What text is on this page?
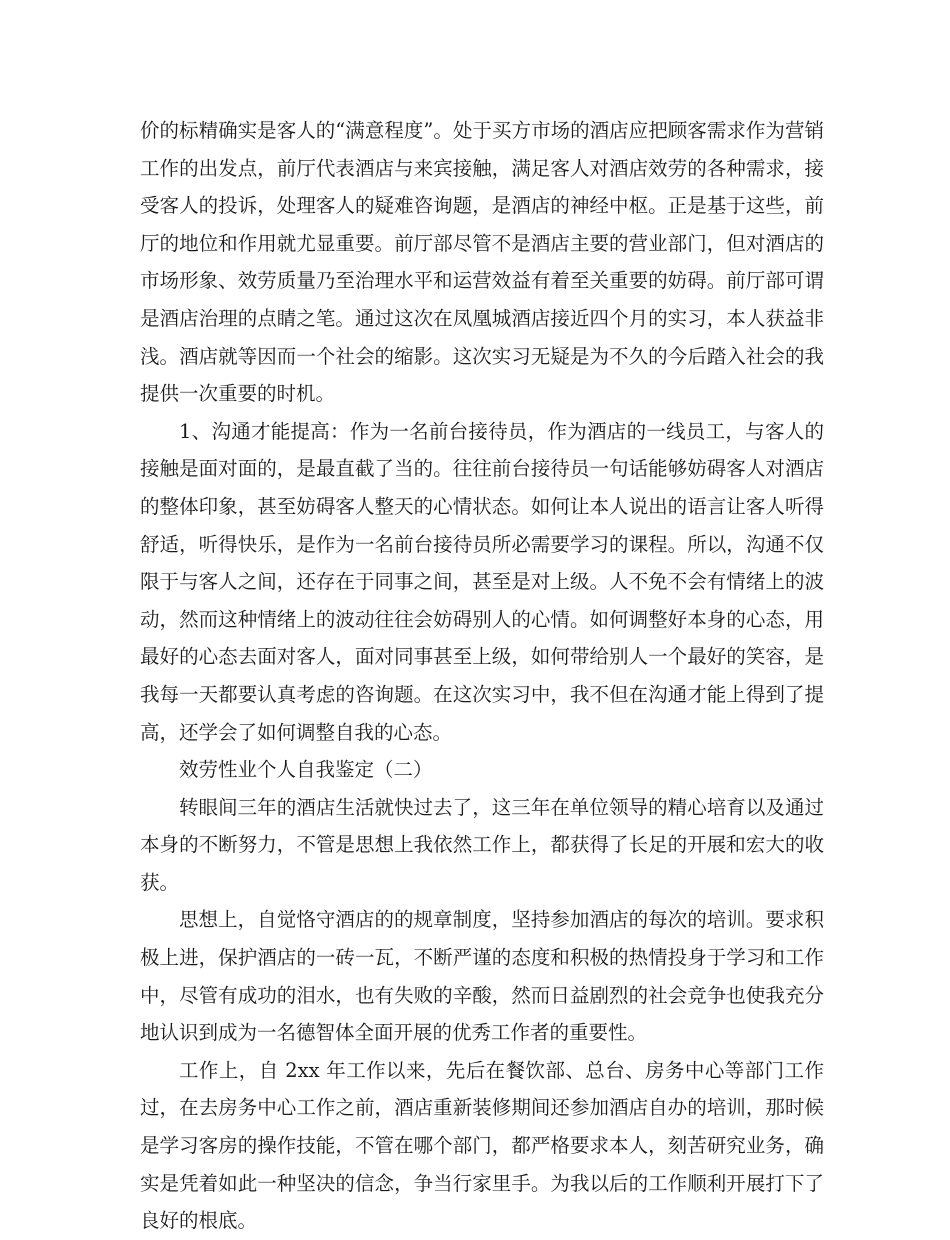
价的标精确实是客人的“满意程度”。处于买方市场的酒店应把顾客需求作为营销工作的出发点，前厅代表酒店与来宾接触，满足客人对酒店效劳的各种需求，接受客人的投诉，处理客人的疑难咨询题，是酒店的神经中枢。正是基于这些，前厅的地位和作用就尤显重要。前厅部尽管不是酒店主要的营业部门，但对酒店的市场形象、效劳质量乃至治理水平和运营效益有着至关重要的妨碍。前厅部可谓是酒店治理的点睛之笔。通过这次在凤凰城酒店接近四个月的实习，本人获益非浅。酒店就等因而一个社会的缩影。这次实习无疑是为不久的今后踏入社会的我提供一次重要的时机。

1、沟通才能提高：作为一名前台接待员，作为酒店的一线员工，与客人的接触是面对面的，是最直截了当的。往往前台接待员一句话能够妨碍客人对酒店的整体印象，甚至妨碍客人整天的心情状态。如何让本人说出的语言让客人听得舒适，听得快乐，是作为一名前台接待员所必需要学习的课程。所以，沟通不仅限于与客人之间，还存在于同事之间，甚至是对上级。人不免不会有情绪上的波动，然而这种情绪上的波动往往会妨碍别人的心情。如何调整好本身的心态，用最好的心态去面对客人，面对同事甚至上级，如何带给别人一个最好的笑容，是我每一天都要认真考虑的咨询题。在这次实习中，我不但在沟通才能上得到了提高，还学会了如何调整自我的心态。

效劳性业个人自我鉴定（二）

转眼间三年的酒店生活就快过去了，这三年在单位领导的精心培育以及通过本身的不断努力，不管是思想上我依然工作上，都获得了长足的开展和宏大的收获。

思想上，自觉恪守酒店的的规章制度，坚持参加酒店的每次的培训。要求积极上进，保护酒店的一砖一瓦，不断严谨的态度和积极的热情投身于学习和工作中，尽管有成功的泪水，也有失败的辛酸，然而日益剧烈的社会竞争也使我充分地认识到成为一名德智体全面开展的优秀工作者的重要性。

工作上，自 2xx 年工作以来，先后在餐饮部、总台、房务中心等部门工作过，在去房务中心工作之前，酒店重新装修期间还参加酒店自办的培训，那时候是学习客房的操作技能，不管在哪个部门，都严格要求本人，刻苦研究业务，确实是凭着如此一种坚决的信念，争当行家里手。为我以后的工作顺利开展打下了良好的根底。
